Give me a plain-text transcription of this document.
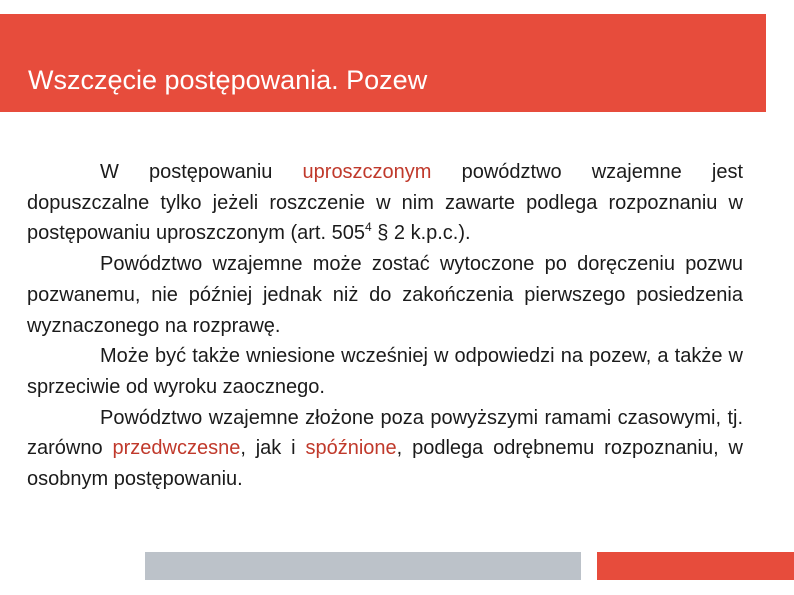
Wszczęcie postępowania. Pozew

W postępowaniu uproszczonym powództwo wzajemne jest dopuszczalne tylko jeżeli roszczenie w nim zawarte podlega rozpoznaniu w postępowaniu uproszczonym (art. $505^4$ § 2 k.p.c.).

Powództwo wzajemne może zostać wytoczone po doręczeniu pozwu pozwanemu, nie później jednak niż do zakończenia pierwszego posiedzenia wyznaczonego na rozprawę.

Może być także wniesione wcześniej w odpowiedzi na pozew, a także w sprzeciwie od wyroku zaocznego.

Powództwo wzajemne złożone poza powyższymi ramami czasowymi, tj. zarówno przedwczesne, jak i spóźnione, podlega odrębnemu rozpoznaniu, w osobnym postępowaniu.
